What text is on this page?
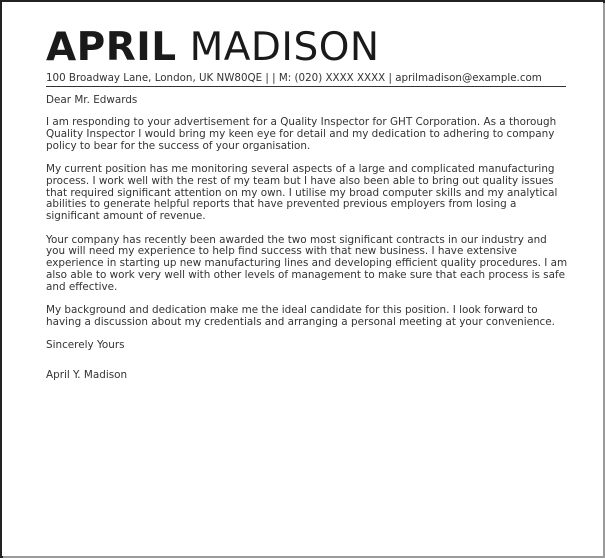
APRIL MADISON
100 Broadway Lane, London, UK NW80QE | | M: (020) XXXX XXXX | aprilmadison@example.com

Dear Mr. Edwards

I am responding to your advertisement for a Quality Inspector for GHT Corporation. As a thorough Quality Inspector I would bring my keen eye for detail and my dedication to adhering to company policy to bear for the success of your organisation.

My current position has me monitoring several aspects of a large and complicated manufacturing process. I work well with the rest of my team but I have also been able to bring out quality issues that required significant attention on my own. I utilise my broad computer skills and my analytical abilities to generate helpful reports that have prevented previous employers from losing a significant amount of revenue.

Your company has recently been awarded the two most significant contracts in our industry and you will need my experience to help find success with that new business. I have extensive experience in starting up new manufacturing lines and developing efficient quality procedures. I am also able to work very well with other levels of management to make sure that each process is safe and effective.

My background and dedication make me the ideal candidate for this position. I look forward to having a discussion about my credentials and arranging a personal meeting at your convenience.

Sincerely Yours

April Y. Madison
